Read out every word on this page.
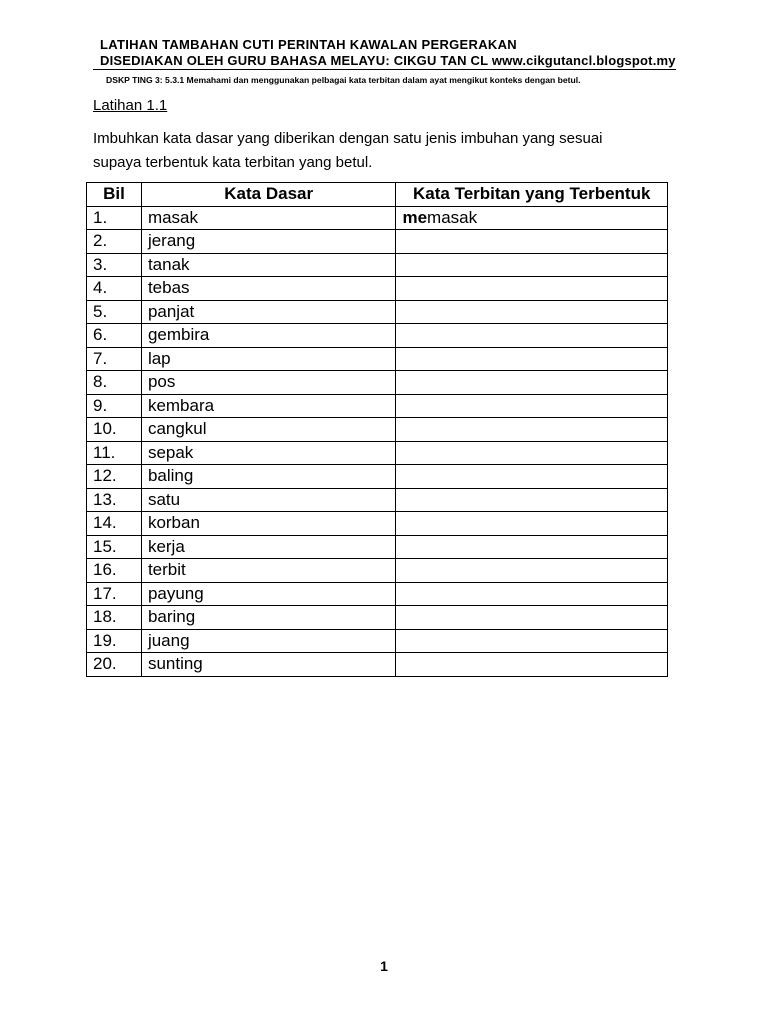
LATIHAN TAMBAHAN CUTI PERINTAH KAWALAN PERGERAKAN
DISEDIAKAN OLEH GURU BAHASA MELAYU: CIKGU TAN CL www.cikgutancl.blogspot.my
DSKP TING 3: 5.3.1 Memahami dan menggunakan pelbagai kata terbitan dalam ayat mengikut konteks dengan betul.
Latihan 1.1
Imbuhkan kata dasar yang diberikan dengan satu jenis imbuhan yang sesuai
supaya terbentuk kata terbitan yang betul.
Bil	Kata Dasar	Kata Terbitan yang Terbentuk
1.	masak	memasak
2.	jerang	
3.	tanak	
4.	tebas	
5.	panjat	
6.	gembira	
7.	lap	
8.	pos	
9.	kembara	
10.	cangkul	
11.	sepak	
12.	baling	
13.	satu	
14.	korban	
15.	kerja	
16.	terbit	
17.	payung	
18.	baring	
19.	juang	
20.	sunting	
1
